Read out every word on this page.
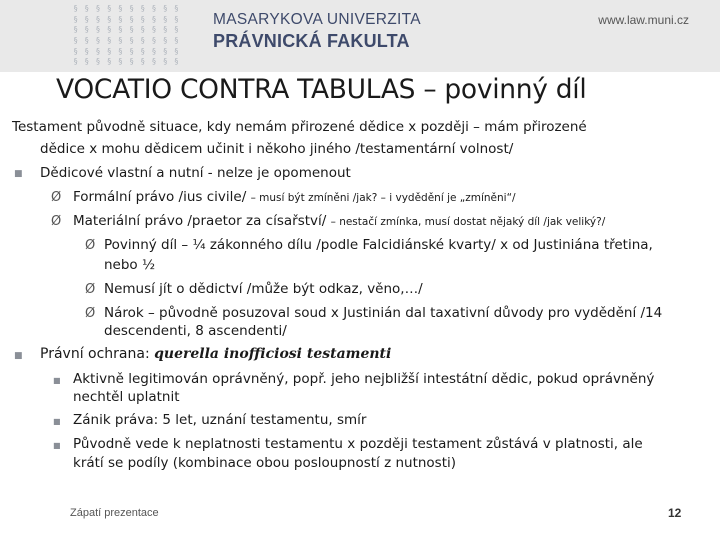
§ § § § § § § § § §
§ § § § § § § § § §
§ § § § § § § § § §
§ § § § § § § § § §
§ § § § § § § § § §
§ § § § § § § § § §
MASARYKOVA UNIVERZITA
PRÁVNICKÁ FAKULTA
www.law.muni.cz
VOCATIO CONTRA TABULAS – povinný díl
Testament původně situace, kdy nemám přirozené dědice x později – mám přirozené
dědice x mohu dědicem učinit i někoho jiného /testamentární volnost/
■ Dědicové vlastní a nutní - nelze je opomenout
Ø Formální právo /ius civile/ – musí být zmíněni /jak? – i vydědění je „zmíněni“/
Ø Materiální právo /praetor za císařství/ – nestačí zmínka, musí dostat nějaký díl /jak veliký?/
Ø Povinný díl – ¼ zákonného dílu /podle Falcidiánské kvarty/ x od Justiniána třetina,
nebo ½
Ø Nemusí jít o dědictví /může být odkaz, věno,…/
Ø Nárok – původně posuzoval soud x Justinián dal taxativní důvody pro vydědění /14
descendenti, 8 ascendenti/
■ Právní ochrana: querella inofficiosi testamenti
■ Aktivně legitimován oprávněný, popř. jeho nejbližší intestátní dědic, pokud oprávněný
nechtěl uplatnit
■ Zánik práva: 5 let, uznání testamentu, smír
■ Původně vede k neplatnosti testamentu x později testament zůstává v platnosti, ale
krátí se podíly (kombinace obou posloupností z nutnosti)
Zápatí prezentace	12
